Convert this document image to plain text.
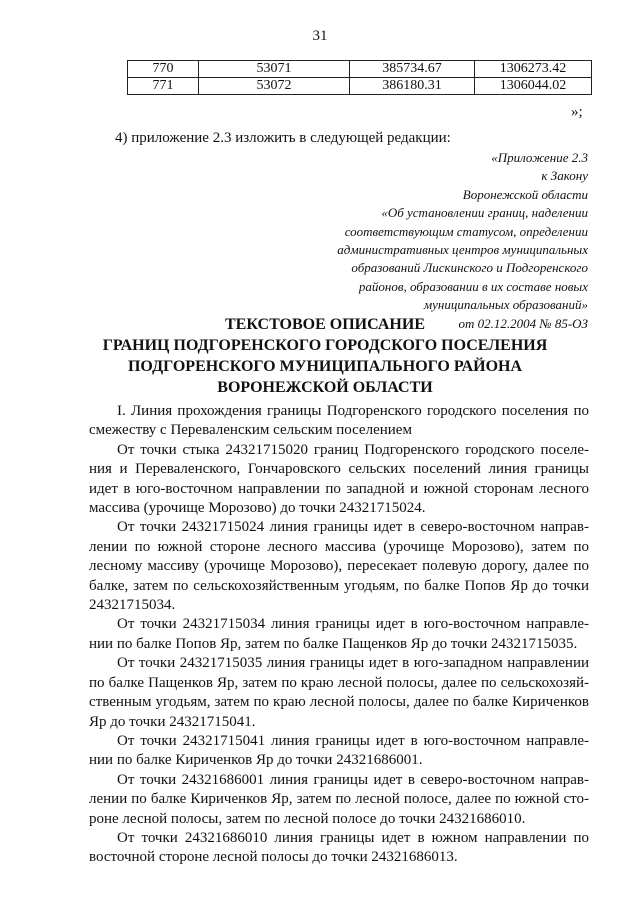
31
770	53071	385734.67	1306273.42
771	53072	386180.31	1306044.02
»;
4) приложение 2.3 изложить в следующей редакции:
«Приложение 2.3
к Закону
Воронежской области
«Об установлении границ, наделении
соответствующим статусом, определении
административных центров муниципальных
образований Лискинского и Подгоренского
районов, образовании в их составе новых
муниципальных образований»
от 02.12.2004 № 85-ОЗ
ТЕКСТОВОЕ ОПИСАНИЕ
ГРАНИЦ ПОДГОРЕНСКОГО ГОРОДСКОГО ПОСЕЛЕНИЯ
ПОДГОРЕНСКОГО МУНИЦИПАЛЬНОГО РАЙОНА
ВОРОНЕЖСКОЙ ОБЛАСТИ

I. Линия прохождения границы Подгоренского городского поселения по
смежеству с Переваленским сельским поселением

От точки стыка 24321715020 границ Подгоренского городского поселе-
ния и Переваленского, Гончаровского сельских поселений линия границы
идет в юго-восточном направлении по западной и южной сторонам лесного
массива (урочище Морозово) до точки 24321715024.

От точки 24321715024 линия границы идет в северо-восточном направ-
лении по южной стороне лесного массива (урочище Морозово), затем по
лесному массиву (урочище Морозово), пересекает полевую дорогу, далее по
балке, затем по сельскохозяйственным угодьям, по балке Попов Яр до точки
24321715034.

От точки 24321715034 линия границы идет в юго-восточном направле-
нии по балке Попов Яр, затем по балке Пащенков Яр до точки 24321715035.

От точки 24321715035 линия границы идет в юго-западном направлении
по балке Пащенков Яр, затем по краю лесной полосы, далее по сельскохозяй-
ственным угодьям, затем по краю лесной полосы, далее по балке Кириченков
Яр до точки 24321715041.

От точки 24321715041 линия границы идет в юго-восточном направле-
нии по балке Кириченков Яр до точки 24321686001.

От точки 24321686001 линия границы идет в северо-восточном направ-
лении по балке Кириченков Яр, затем по лесной полосе, далее по южной сто-
роне лесной полосы, затем по лесной полосе до точки 24321686010.

От точки 24321686010 линия границы идет в южном направлении по
восточной стороне лесной полосы до точки 24321686013.
